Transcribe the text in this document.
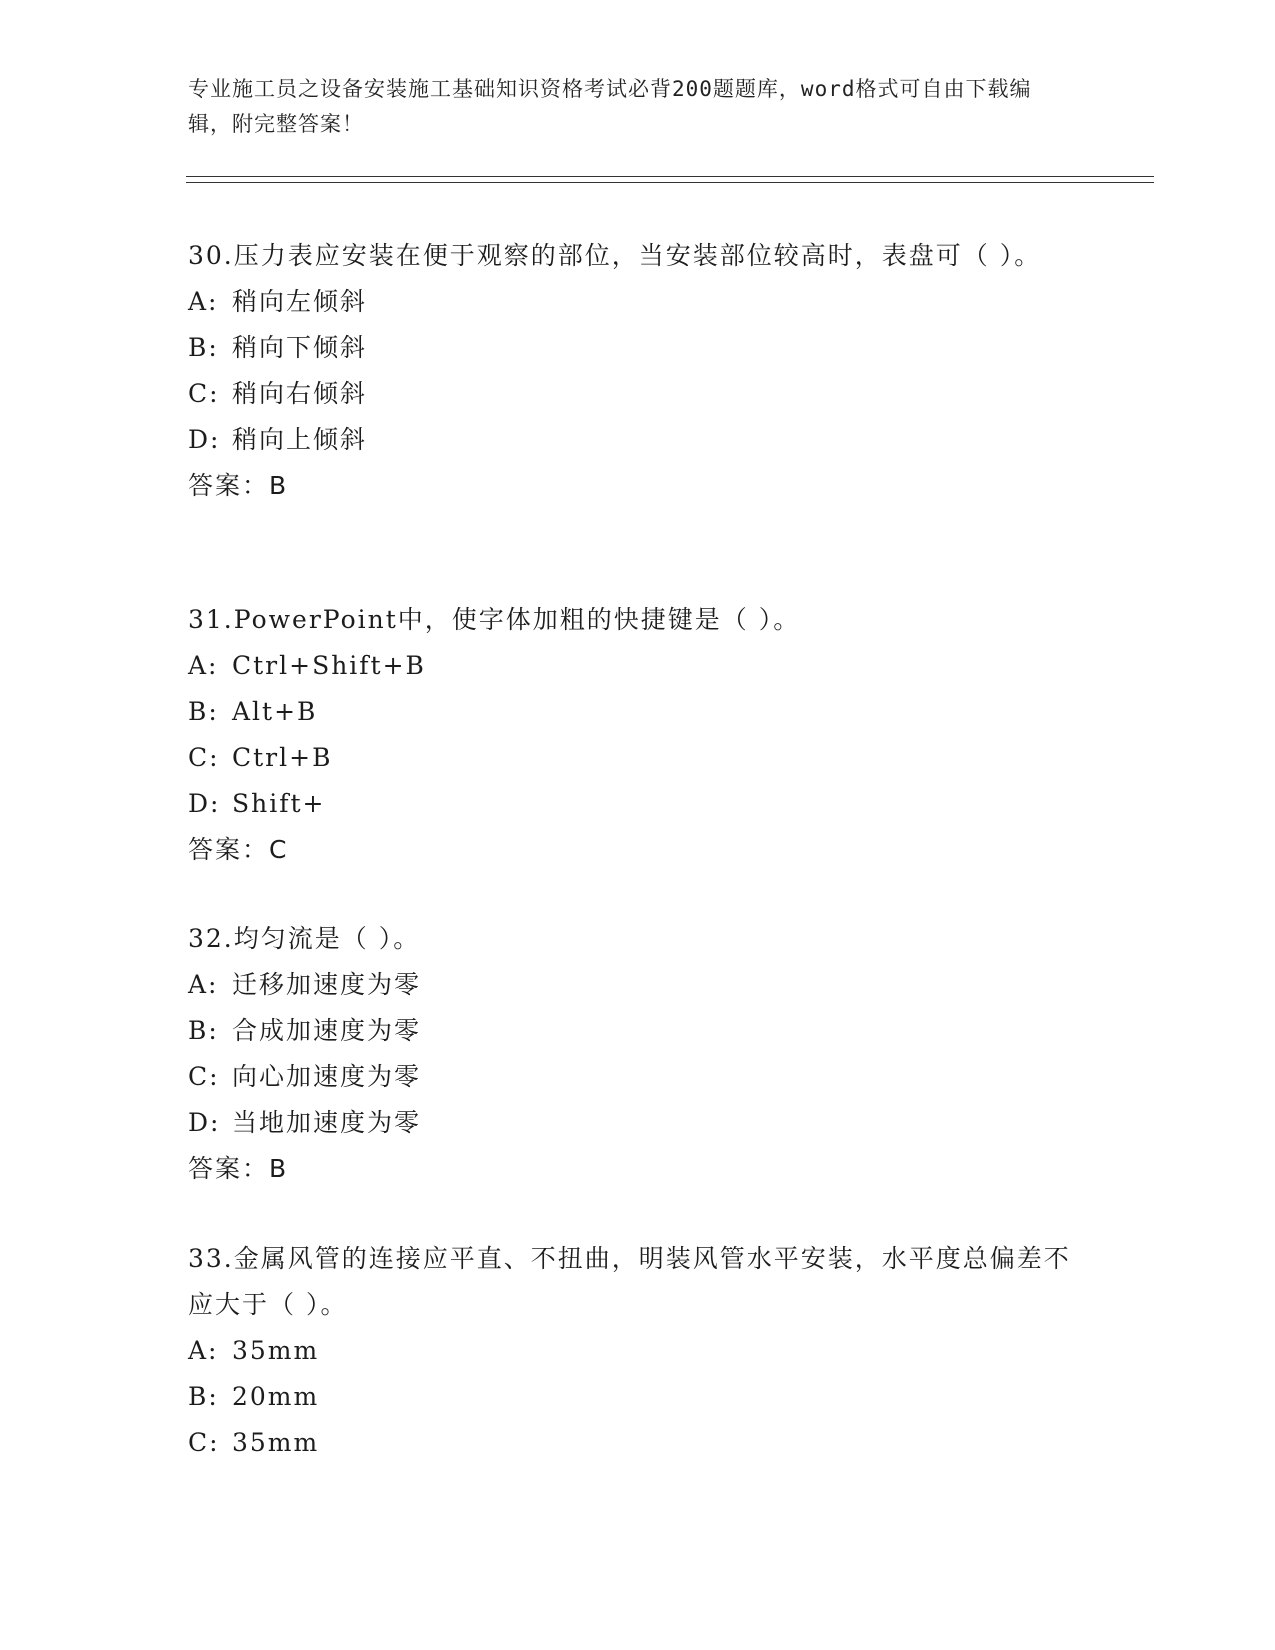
专业施工员之设备安装施工基础知识资格考试必背200题题库，word格式可自由下载编辑，附完整答案！

30.压力表应安装在便于观察的部位，当安装部位较高时，表盘可（ ）。

A: 稍向左倾斜
B: 稍向下倾斜
C: 稍向右倾斜
D: 稍向上倾斜
答案：B

31.PowerPoint中，使字体加粗的快捷键是（ ）。

A: Ctrl+Shift+B
B: Alt+B
C: Ctrl+B
D: Shift+
答案：C

32.均匀流是（ ）。

A: 迁移加速度为零
B: 合成加速度为零
C: 向心加速度为零
D: 当地加速度为零
答案：B

33.金属风管的连接应平直、不扭曲，明装风管水平安装，水平度总偏差不应大于（ ）。

A: 35mm
B: 20mm
C: 35mm
